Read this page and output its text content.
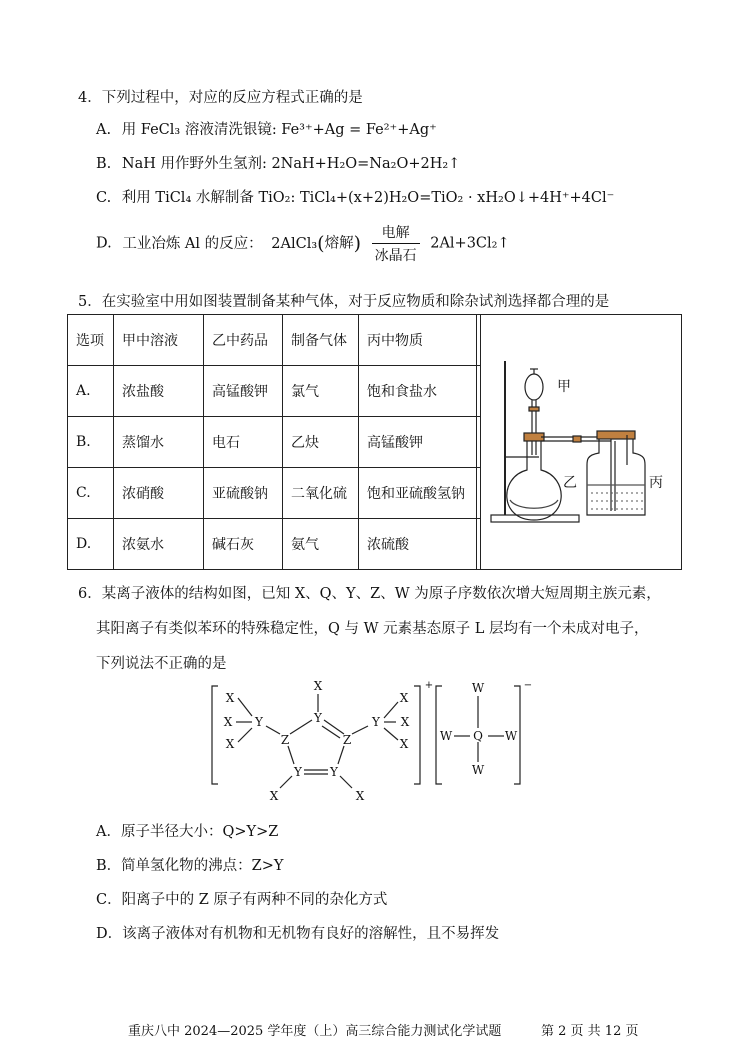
4．下列过程中，对应的反应方程式正确的是
A. 用 FeCl₃ 溶液清洗银镜: Fe³⁺+Ag = Fe²⁺+Ag⁺
B. NaH 用作野外生氢剂: 2NaH+H₂O=Na₂O+2H₂↑
C. 利用 TiCl₄ 水解制备 TiO₂: TiCl₄+(x+2)H₂O=TiO₂ · xH₂O↓+4H⁺+4Cl⁻
D. 工业冶炼 Al 的反应： 2AlCl₃(熔解) $\frac{\text{电解}}{\text{冰晶石}}$ 2Al+3Cl₂↑
5．在实验室中用如图装置制备某种气体，对于反应物质和除杂试剂选择都合理的是
选项	甲中溶液	乙中药品	制备气体	丙中物质
A.	浓盐酸	高锰酸钾	氯气	饱和食盐水
B.	蒸馏水	电石	乙炔	高锰酸钾
C.	浓硝酸	亚硫酸钠	二氧化硫	饱和亚硫酸氢钠
D.	浓氨水	碱石灰	氨气	浓硫酸
甲
乙	丙
6．某离子液体的结构如图，已知 X、Q、Y、Z、W 为原子序数依次增大短周期主族元素，
其阳离子有类似苯环的特殊稳定性，Q 与 W 元素基态原子 L 层均有一个未成对电子，
下列说法不正确的是
X
X
X
Y
Z
X
Y
Z
Y Y
X	X
Y
X
X
X
W
W Q W
W
+	−
A．原子半径大小：Q>Y>Z
B．简单氢化物的沸点：Z>Y
C．阳离子中的 Z 原子有两种不同的杂化方式
D．该离子液体对有机物和无机物有良好的溶解性，且不易挥发
重庆八中 2024—2025 学年度（上）高三综合能力测试化学试题	第 2 页 共 12 页
